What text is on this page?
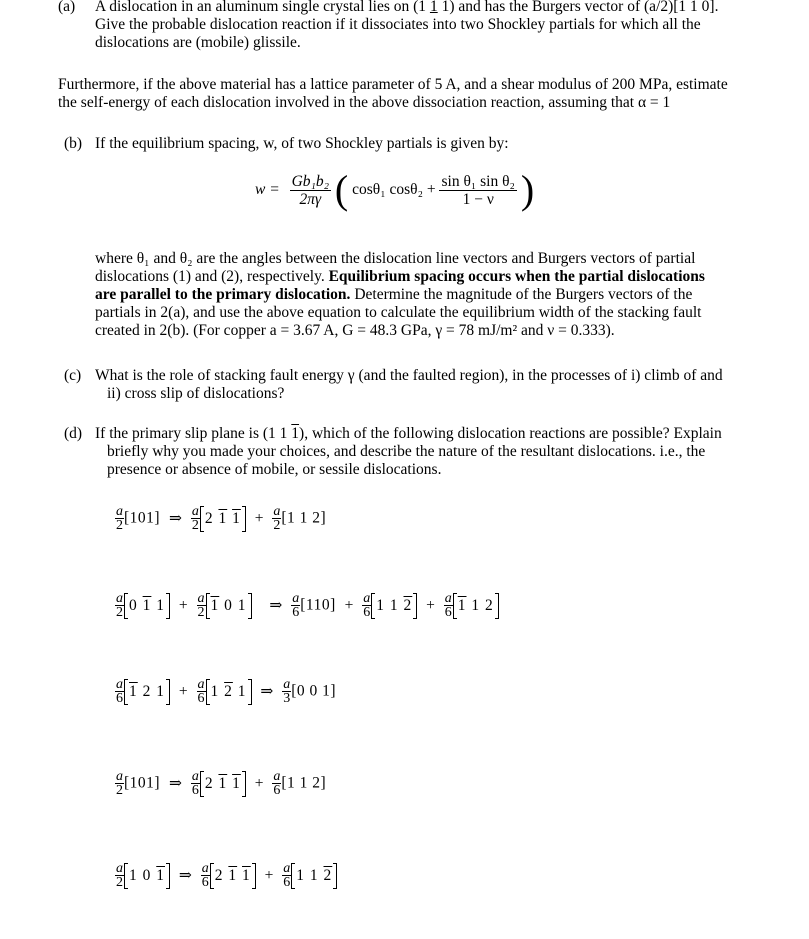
(a)	A dislocation in an aluminum single crystal lies on (1 1 1) and has the Burgers vector of (a/2)[1 1 0].
Give the probable dislocation reaction if it dissociates into two Shockley partials for which all the
dislocations are (mobile) glissile.
Furthermore, if the above material has a lattice parameter of 5 A, and a shear modulus of 200 MPa, estimate
the self-energy of each dislocation involved in the above dissociation reaction, assuming that α = 1
(b) If the equilibrium spacing, w, of two Shockley partials is given by:
$w = \frac{\text{Gb₁b₂}}{2\pi\gamma}$ ( cosθ₁ $\cos\theta_2 + \frac{\text{sin θ₁ sin θ₂}}{1 - \nu}$ )
where θ₁ and θ₂ are the angles between the dislocation line vectors and Burgers vectors of partial
dislocations (1) and (2), respectively. Equilibrium spacing occurs when the partial dislocations
are parallel to the primary dislocation. Determine the magnitude of the Burgers vectors of the
partials in 2(a), and use the above equation to calculate the equilibrium width of the stacking fault
created in 2(b). (For copper a = 3.67 A, G = 48.3 GPa, γ = 78 mJ/m² and ν = 0.333).
(c) What is the role of stacking fault energy γ (and the faulted region), in the processes of i) climb of and
ii) cross slip of dislocations?
(d) If the primary slip plane is (1 1 1), which of the following dislocation reactions are possible? Explain
briefly why you made your choices, and describe the nature of the resultant dislocations. i.e., the
presence or absence of mobile, or sessile dislocations.
$\frac{a}{2} [101]$ ⇒ $\frac{a}{2} 2$ 1 $1 + \frac{a}{2} [1$ 1 2]
$\frac{a}{2} 0$ 1 $1 + \frac{a}{2} 1$ 0 1 ⇒ $\frac{a}{6} [110] + \frac{a}{6} 1$ 1 $2 + \frac{a}{6} 1$ 1 2
$\frac{a}{6} 1$ 2 $1 + \frac{a}{6} 1$ 2 1 ⇒ $\frac{a}{3} [0$ 0 1]
$\frac{a}{2} [101]$ ⇒ $\frac{a}{6} 2$ 1 $1 + \frac{a}{6} [1$ 1 2]
$\frac{a}{2} 1$ 0 1 ⇒ $\frac{a}{6} 2$ 1 $1 + \frac{a}{6} 1$ 1 2
